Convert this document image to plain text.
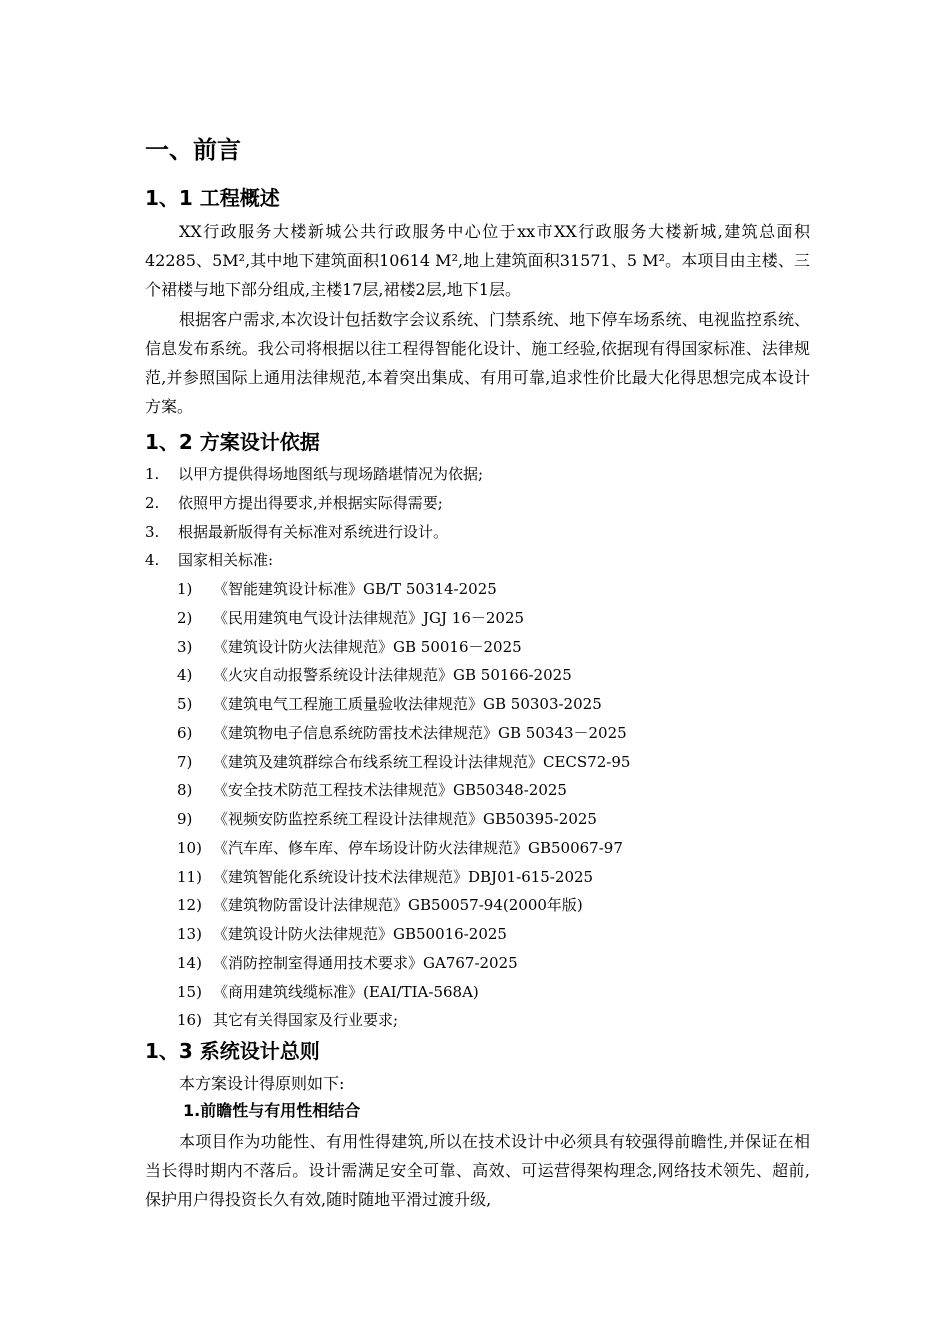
一、前言
1、1 工程概述

XX行政服务大楼新城公共行政服务中心位于xx市XX行政服务大楼新城,建筑总面积42285、5M²,其中地下建筑面积10614 M²,地上建筑面积31571、5 M²。本项目由主楼、三个裙楼与地下部分组成,主楼17层,裙楼2层,地下1层。

根据客户需求,本次设计包括数字会议系统、门禁系统、地下停车场系统、电视监控系统、信息发布系统。我公司将根据以往工程得智能化设计、施工经验,依据现有得国家标准、法律规范,并参照国际上通用法律规范,本着突出集成、有用可靠,追求性价比最大化得思想完成本设计方案。

1、2 方案设计依据
1. 以甲方提供得场地图纸与现场踏堪情况为依据;
2. 依照甲方提出得要求,并根据实际得需要;
3. 根据最新版得有关标准对系统进行设计。
4. 国家相关标准:
1) 《智能建筑设计标准》GB/T 50314-2025
2) 《民用建筑电气设计法律规范》JGJ 16－2025
3) 《建筑设计防火法律规范》GB 50016－2025
4) 《火灾自动报警系统设计法律规范》GB 50166-2025
5) 《建筑电气工程施工质量验收法律规范》GB 50303-2025
6) 《建筑物电子信息系统防雷技术法律规范》GB 50343－2025
7) 《建筑及建筑群综合布线系统工程设计法律规范》CECS72-95
8) 《安全技术防范工程技术法律规范》GB50348-2025
9) 《视频安防监控系统工程设计法律规范》GB50395-2025
10) 《汽车库、修车库、停车场设计防火法律规范》GB50067-97
11) 《建筑智能化系统设计技术法律规范》DBJ01-615-2025
12) 《建筑物防雷设计法律规范》GB50057-94(2000年版)
13) 《建筑设计防火法律规范》GB50016-2025
14) 《消防控制室得通用技术要求》GA767-2025
15) 《商用建筑线缆标准》(EAI/TIA-568A)
16) 其它有关得国家及行业要求;
1、3 系统设计总则

本方案设计得原则如下:

1.前瞻性与有用性相结合

本项目作为功能性、有用性得建筑,所以在技术设计中必须具有较强得前瞻性,并保证在相当长得时期内不落后。设计需满足安全可靠、高效、可运营得架构理念,网络技术领先、超前,保护用户得投资长久有效,随时随地平滑过渡升级,
